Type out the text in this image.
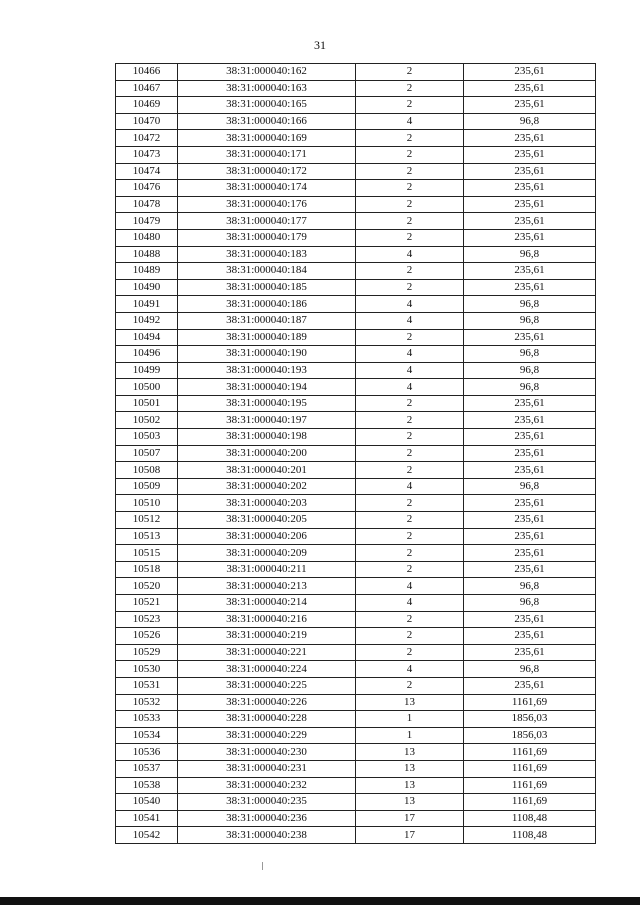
31
10466	38:31:000040:162	2	235,61
10467	38:31:000040:163	2	235,61
10469	38:31:000040:165	2	235,61
10470	38:31:000040:166	4	96,8
10472	38:31:000040:169	2	235,61
10473	38:31:000040:171	2	235,61
10474	38:31:000040:172	2	235,61
10476	38:31:000040:174	2	235,61
10478	38:31:000040:176	2	235,61
10479	38:31:000040:177	2	235,61
10480	38:31:000040:179	2	235,61
10488	38:31:000040:183	4	96,8
10489	38:31:000040:184	2	235,61
10490	38:31:000040:185	2	235,61
10491	38:31:000040:186	4	96,8
10492	38:31:000040:187	4	96,8
10494	38:31:000040:189	2	235,61
10496	38:31:000040:190	4	96,8
10499	38:31:000040:193	4	96,8
10500	38:31:000040:194	4	96,8
10501	38:31:000040:195	2	235,61
10502	38:31:000040:197	2	235,61
10503	38:31:000040:198	2	235,61
10507	38:31:000040:200	2	235,61
10508	38:31:000040:201	2	235,61
10509	38:31:000040:202	4	96,8
10510	38:31:000040:203	2	235,61
10512	38:31:000040:205	2	235,61
10513	38:31:000040:206	2	235,61
10515	38:31:000040:209	2	235,61
10518	38:31:000040:211	2	235,61
10520	38:31:000040:213	4	96,8
10521	38:31:000040:214	4	96,8
10523	38:31:000040:216	2	235,61
10526	38:31:000040:219	2	235,61
10529	38:31:000040:221	2	235,61
10530	38:31:000040:224	4	96,8
10531	38:31:000040:225	2	235,61
10532	38:31:000040:226	13	1161,69
10533	38:31:000040:228	1	1856,03
10534	38:31:000040:229	1	1856,03
10536	38:31:000040:230	13	1161,69
10537	38:31:000040:231	13	1161,69
10538	38:31:000040:232	13	1161,69
10540	38:31:000040:235	13	1161,69
10541	38:31:000040:236	17	1108,48
10542	38:31:000040:238	17	1108,48
